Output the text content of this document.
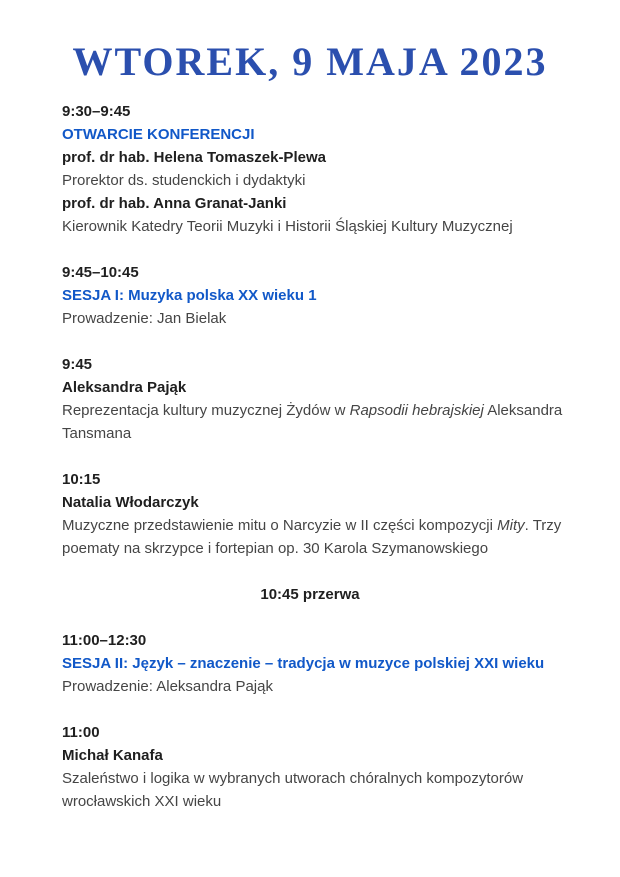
WTOREK, 9 MAJA 2023

9:30–9:45

OTWARCIE KONFERENCJI

prof. dr hab. Helena Tomaszek-Plewa

Prorektor ds. studenckich i dydaktyki

prof. dr hab. Anna Granat-Janki

Kierownik Katedry Teorii Muzyki i Historii Śląskiej Kultury Muzycznej

9:45–10:45

SESJA I: Muzyka polska XX wieku 1

Prowadzenie: Jan Bielak

9:45

Aleksandra Pająk

Reprezentacja kultury muzycznej Żydów w Rapsodii hebrajskiej Aleksandra Tansmana

10:15

Natalia Włodarczyk

Muzyczne przedstawienie mitu o Narcyzie w II części kompozycji Mity. Trzy poematy na skrzypce i fortepian op. 30 Karola Szymanowskiego

10:45 przerwa

11:00–12:30

SESJA II: Język – znaczenie – tradycja w muzyce polskiej XXI wieku

Prowadzenie: Aleksandra Pająk

11:00

Michał Kanafa

Szaleństwo i logika w wybranych utworach chóralnych kompozytorów wrocławskich XXI wieku
